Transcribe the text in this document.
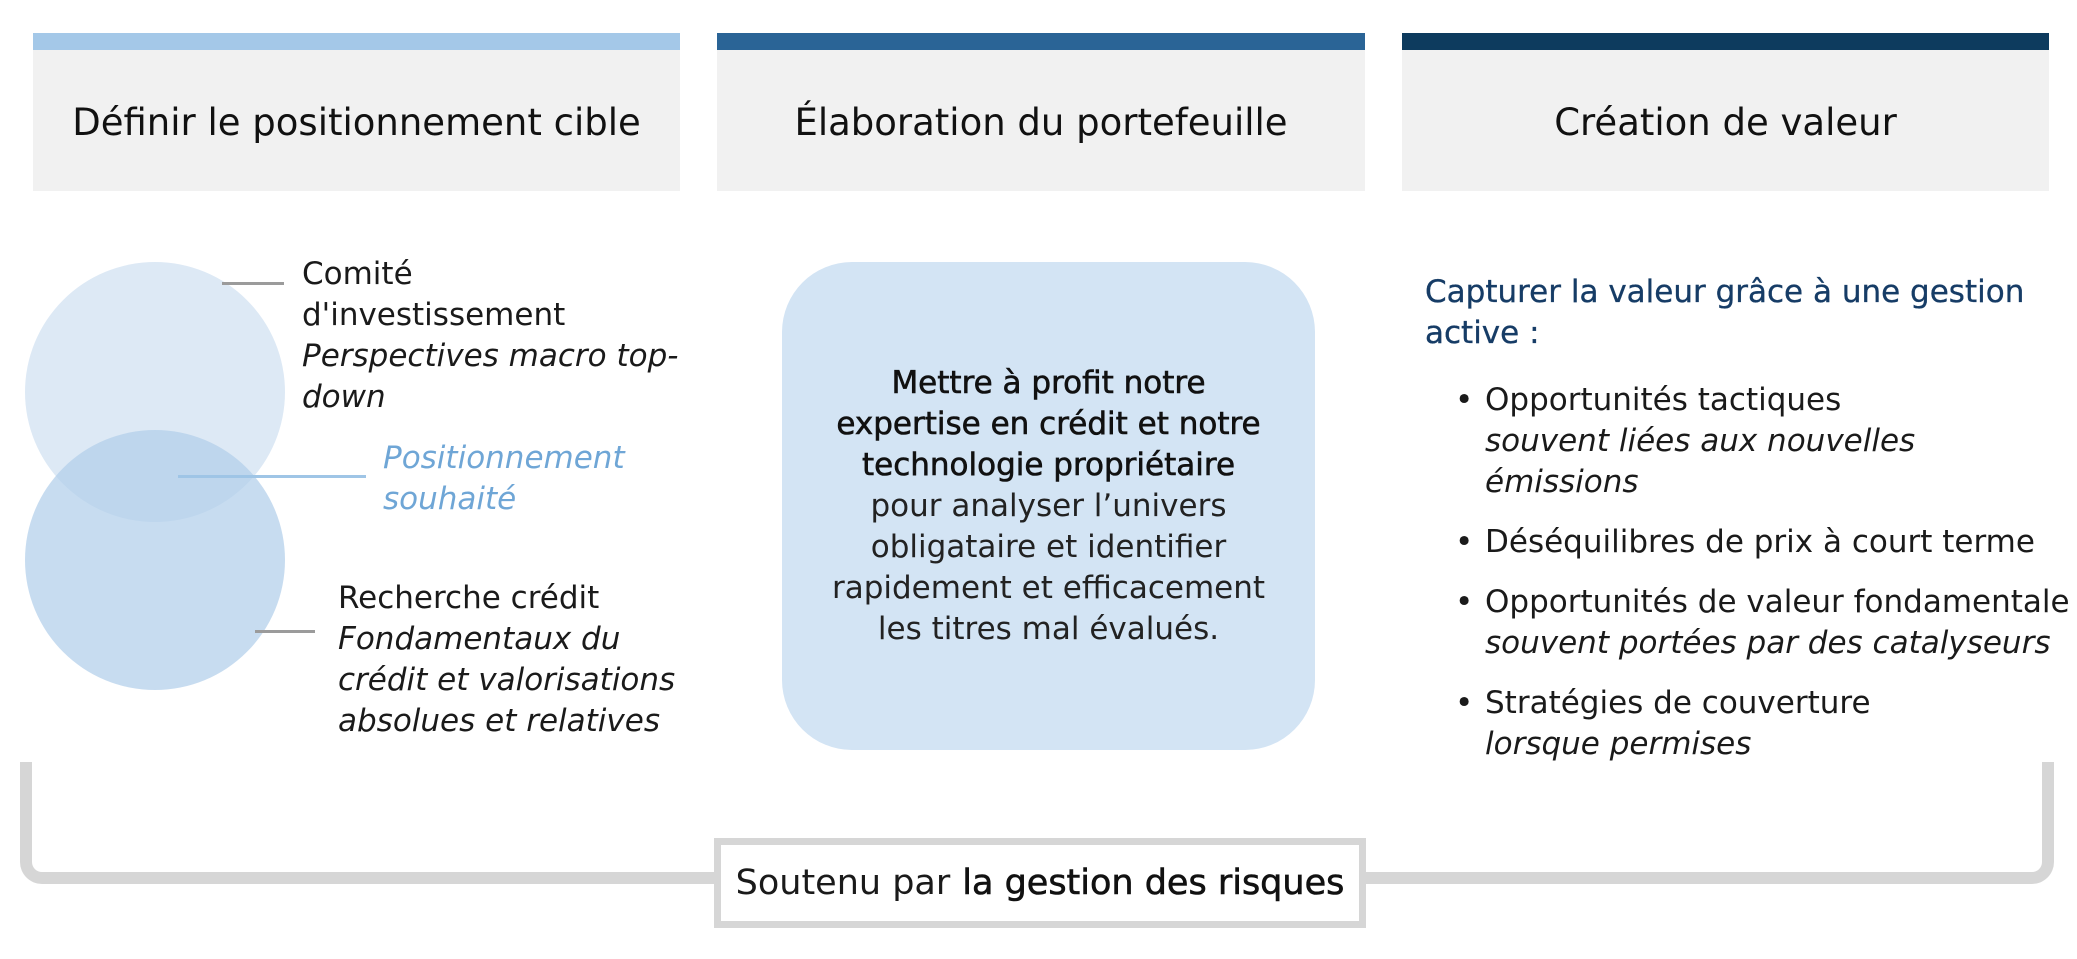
Définir le positionnement cible	Élaboration du portefeuille	Création de valeur
Comité d'investissement
Perspectives macro top-down
Positionnement souhaité
Recherche crédit
Fondamentaux du crédit et valorisations absolues et relatives
Mettre à profit notre expertise en crédit et notre technologie propriétaire pour analyser l’univers obligataire et identifier rapidement et efficacement les titres mal évalués.
Capturer la valeur grâce à une gestion active :
• Opportunités tactiques
souvent liées aux nouvelles émissions
• Déséquilibres de prix à court terme
• Opportunités de valeur fondamentale
souvent portées par des catalyseurs
• Stratégies de couverture
lorsque permises
Soutenu par la gestion des risques
